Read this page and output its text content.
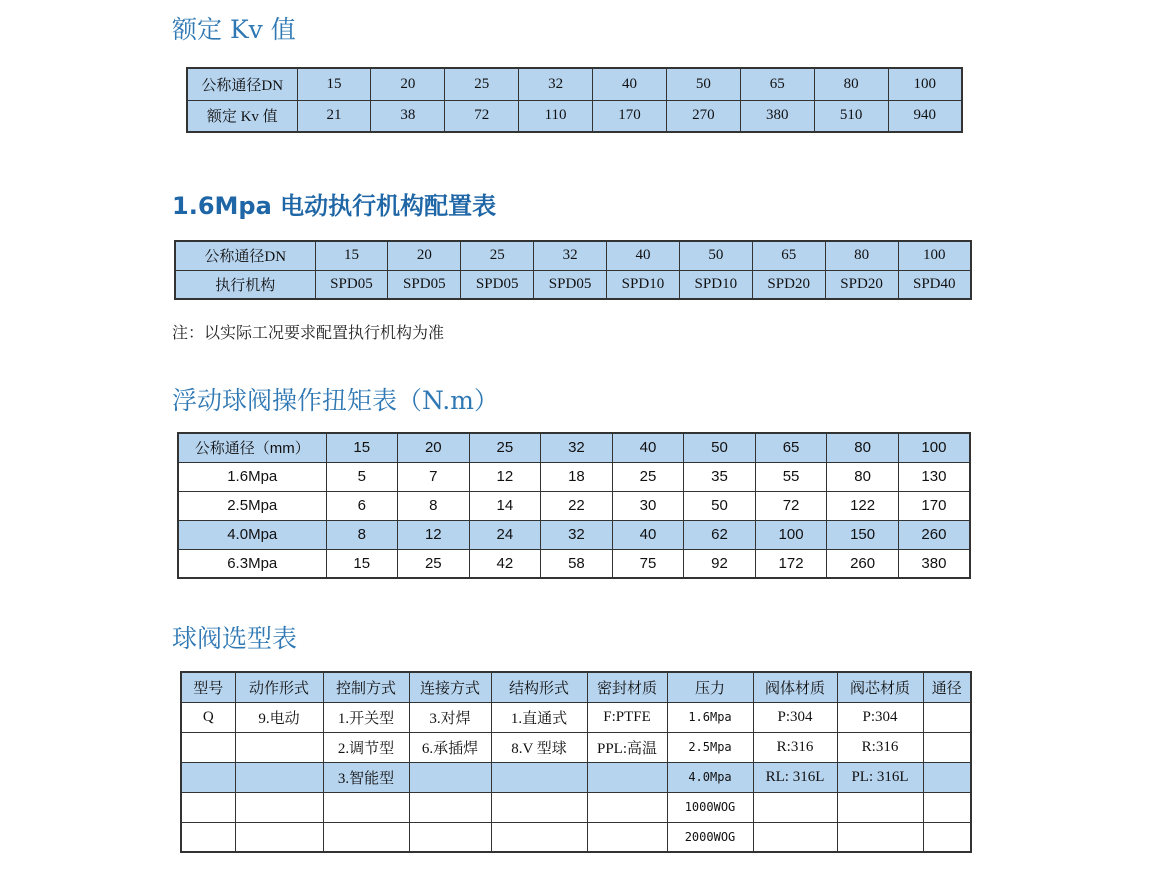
额定 Kv 值
公称通径DN	15	20	25	32	40	50	65	80	100
额定 Kv 值	21	38	72	110	170	270	380	510	940
1.6Mpa 电动执行机构配置表
公称通径DN	15	20	25	32	40	50	65	80	100
执行机构	SPD05	SPD05	SPD05	SPD05	SPD10	SPD10	SPD20	SPD20	SPD40

注：以实际工况要求配置执行机构为准

浮动球阀操作扭矩表（N.m）
公称通径（mm）	15	20	25	32	40	50	65	80	100
1.6Mpa	5	7	12	18	25	35	55	80	130
2.5Mpa	6	8	14	22	30	50	72	122	170
4.0Mpa	8	12	24	32	40	62	100	150	260
6.3Mpa	15	25	42	58	75	92	172	260	380
球阀选型表
型号	动作形式	控制方式	连接方式	结构形式	密封材质	压力	阀体材质	阀芯材质	通径
Q	9.电动	1.开关型	3.对焊	1.直通式	F:PTFE	1.6Mpa	P:304	P:304	
		2.调节型	6.承插焊	8.V 型球	PPL:高温	2.5Mpa	R:316	R:316	
		3.智能型				4.0Mpa	RL: 316L	PL: 316L	
						1000WOG			
						2000WOG			
